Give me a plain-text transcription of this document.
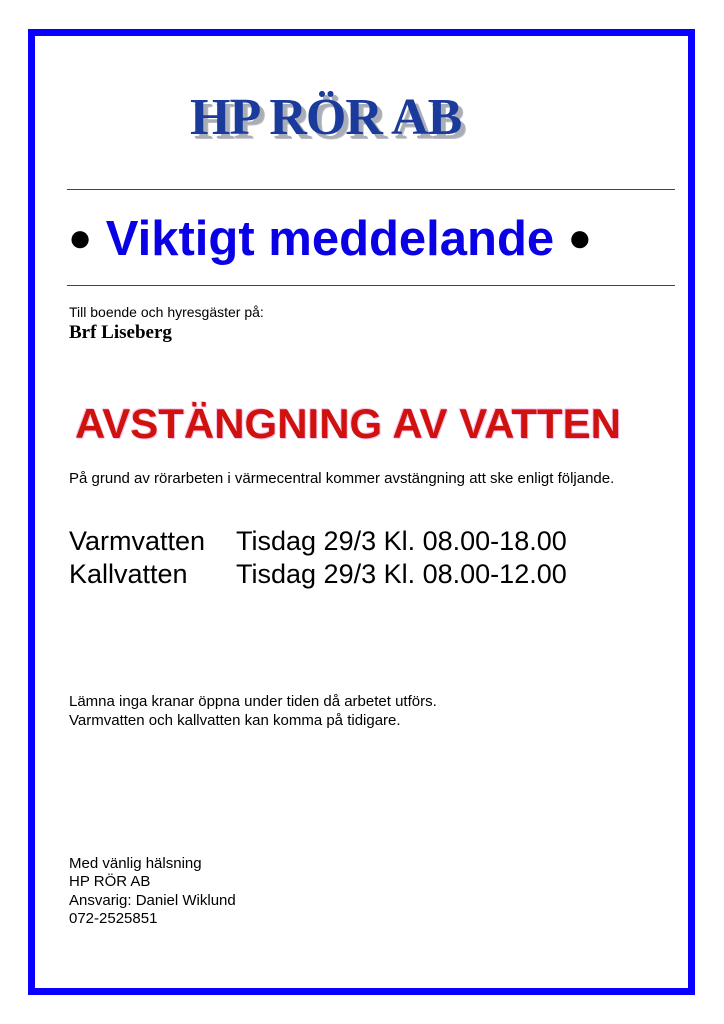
HP RÖR AB
● Viktigt meddelande ●
Till boende och hyresgäster på:
Brf Liseberg
AVSTÄNGNING AV VATTEN
På grund av rörarbeten i värmecentral kommer avstängning att ske enligt följande.
Varmvatten Tisdag 29/3 Kl. 08.00-18.00
Kallvatten Tisdag 29/3 Kl. 08.00-12.00
Lämna inga kranar öppna under tiden då arbetet utförs.
Varmvatten och kallvatten kan komma på tidigare.
Med vänlig hälsning
HP RÖR AB
Ansvarig: Daniel Wiklund
072-2525851
